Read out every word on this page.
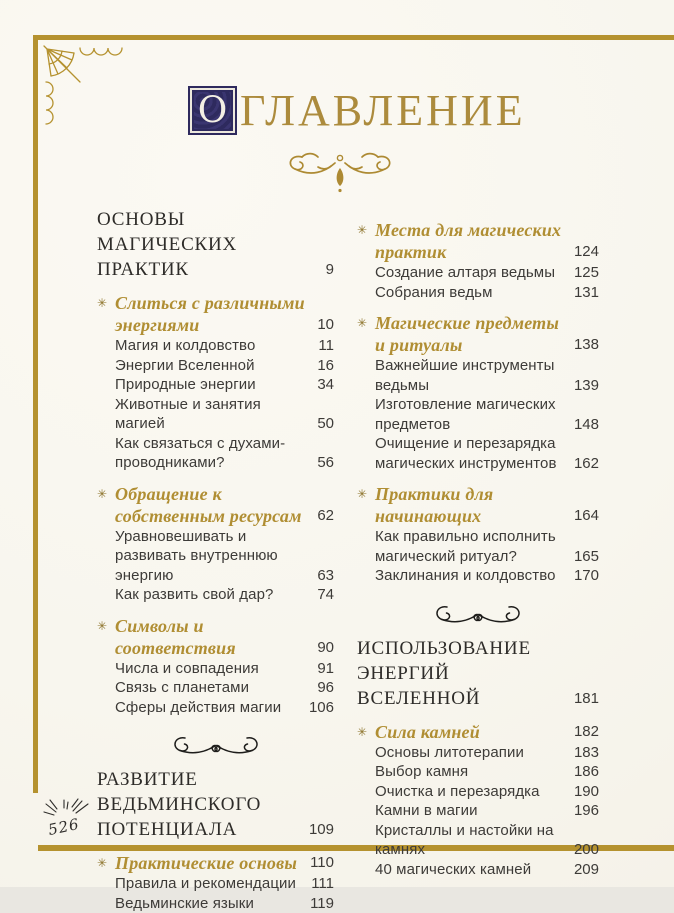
526
О ГЛАВЛЕНИЕ
ОСНОВЫ МАГИЧЕСКИХ ПРАКТИК	9
✳ Слиться с различными энергиями	10
Магия и колдовство	11
Энергии Вселенной	16
Природные энергии	34
Животные и занятия магией	50
Как связаться с духами-проводниками?	56
✳ Обращение к собственным ресурсам	62
Уравновешивать и развивать внутреннюю энергию	63
Как развить свой дар?	74
✳ Символы и соответствия	90
Числа и совпадения	91
Связь с планетами	96
Сферы действия магии	106
РАЗВИТИЕ ВЕДЬМИНСКОГО ПОТЕНЦИАЛА	109
✳ Практические основы 110
Правила и рекомендации	111
Ведьминские языки	119
✳ Места для магических практик	124
Создание алтаря ведьмы	125
Собрания ведьм	131
✳ Магические предметы и ритуалы	138
Важнейшие инструменты ведьмы	139
Изготовление магических предметов	148
Очищение и перезарядка магических инструментов	162
✳ Практики для начинающих	164
Как правильно исполнить магический ритуал?	165
Заклинания и колдовство	170
ИСПОЛЬЗОВАНИЕ ЭНЕРГИЙ ВСЕЛЕННОЙ	181
✳ Сила камней	182
Основы литотерапии	183
Выбор камня	186
Очистка и перезарядка	190
Камни в магии	196
Кристаллы и настойки на камнях	200
40 магических камней	209
